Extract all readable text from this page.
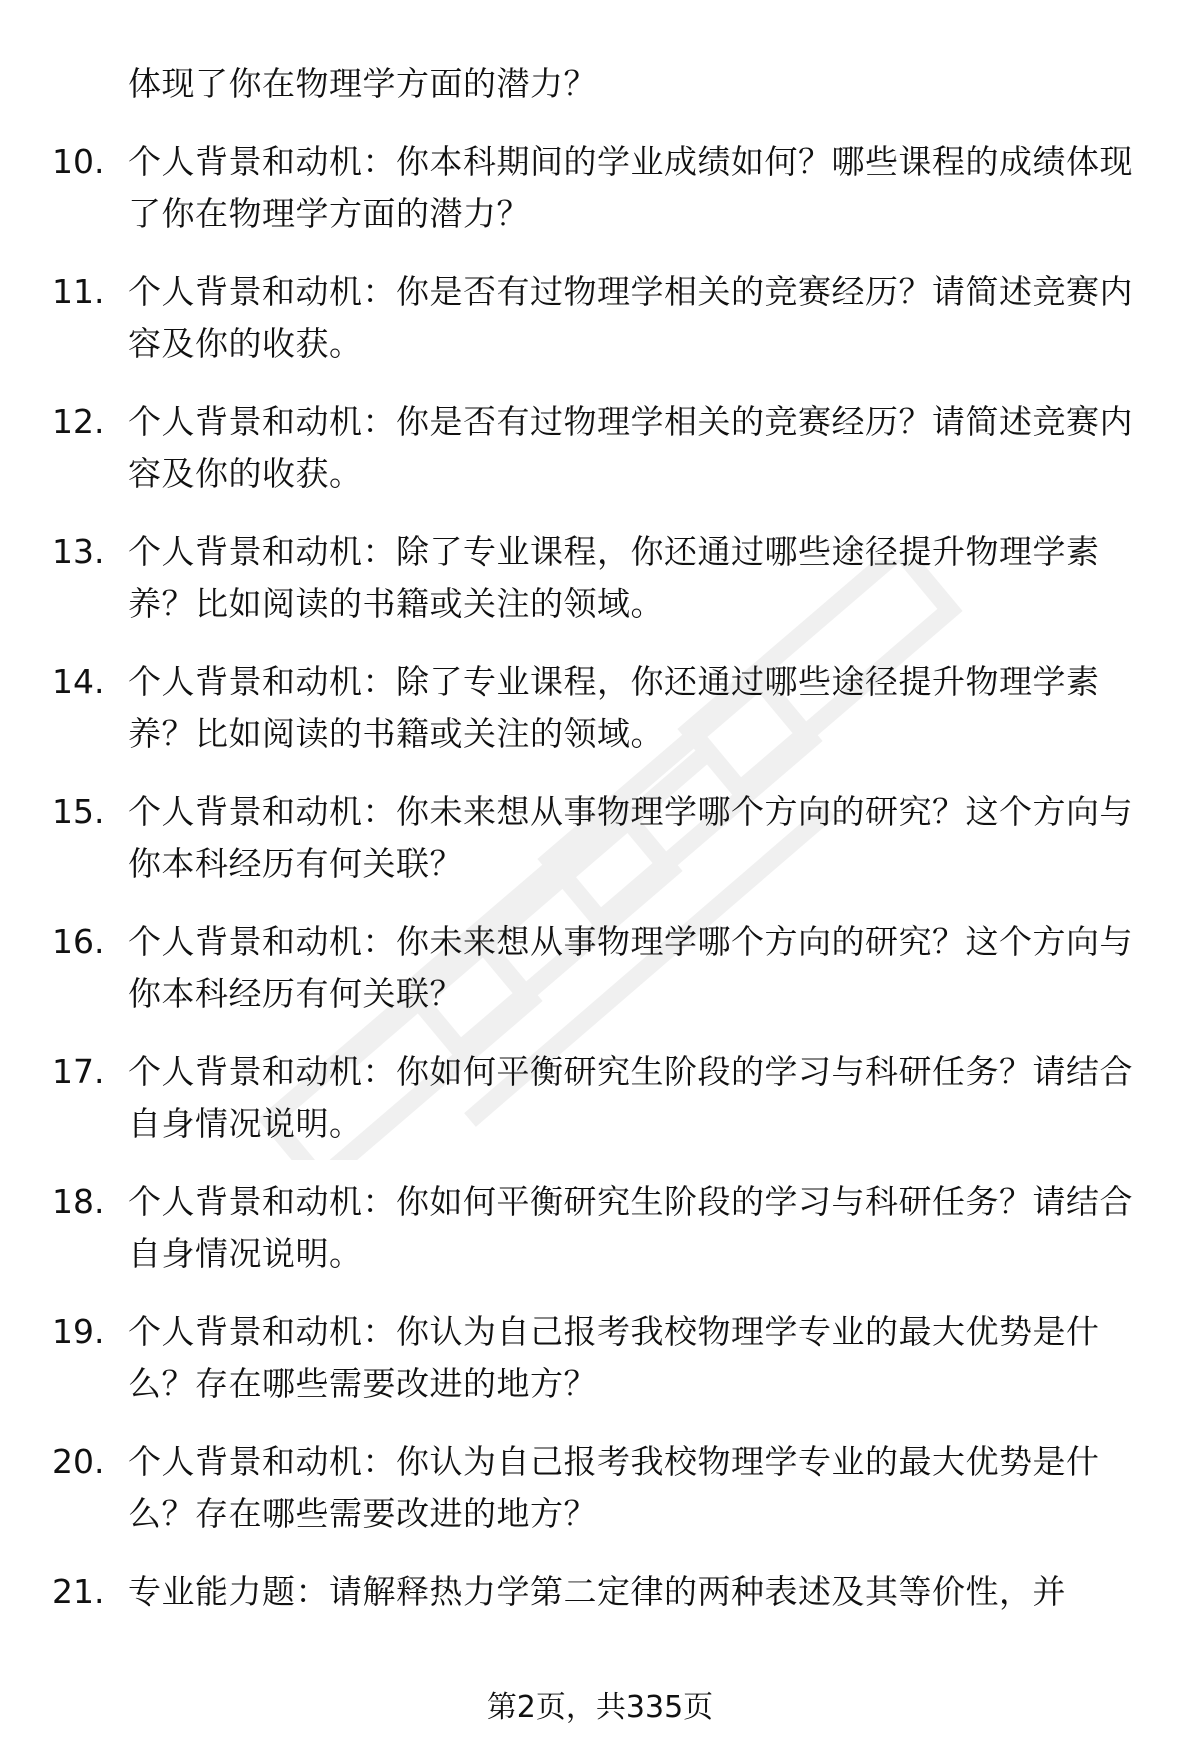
体现了你在物理学方面的潜力？
10. 个人背景和动机：你本科期间的学业成绩如何？哪些课程的成绩体现了你在物理学方面的潜力？
11. 个人背景和动机：你是否有过物理学相关的竞赛经历？请简述竞赛内容及你的收获。
12. 个人背景和动机：你是否有过物理学相关的竞赛经历？请简述竞赛内容及你的收获。
13. 个人背景和动机：除了专业课程，你还通过哪些途径提升物理学素养？比如阅读的书籍或关注的领域。
14. 个人背景和动机：除了专业课程，你还通过哪些途径提升物理学素养？比如阅读的书籍或关注的领域。
15. 个人背景和动机：你未来想从事物理学哪个方向的研究？这个方向与你本科经历有何关联？
16. 个人背景和动机：你未来想从事物理学哪个方向的研究？这个方向与你本科经历有何关联？
17. 个人背景和动机：你如何平衡研究生阶段的学习与科研任务？请结合自身情况说明。
18. 个人背景和动机：你如何平衡研究生阶段的学习与科研任务？请结合自身情况说明。
19. 个人背景和动机：你认为自己报考我校物理学专业的最大优势是什么？存在哪些需要改进的地方？
20. 个人背景和动机：你认为自己报考我校物理学专业的最大优势是什么？存在哪些需要改进的地方？
21. 专业能力题：请解释热力学第二定律的两种表述及其等价性，并
第2页，共335页
